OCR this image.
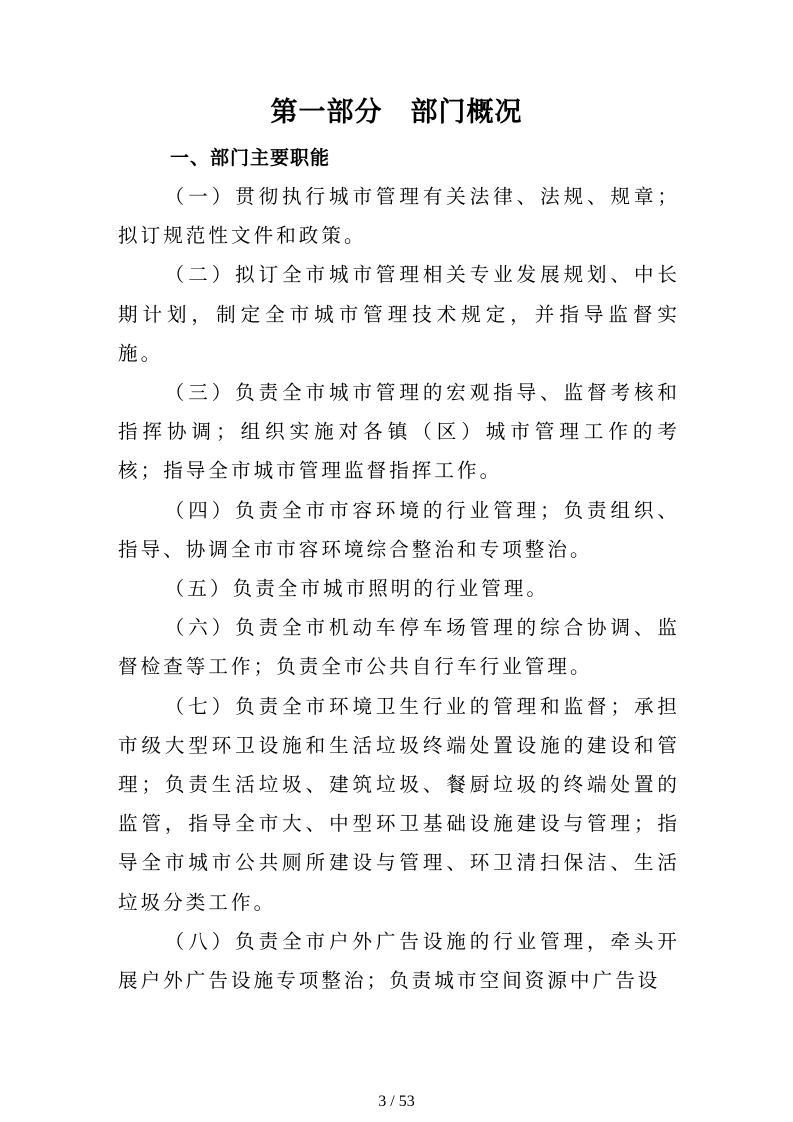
第一部分　部门概况
一、部门主要职能

（一）贯彻执行城市管理有关法律、法规、规章；拟订规范性文件和政策。

（二）拟订全市城市管理相关专业发展规划、中长期计划，制定全市城市管理技术规定，并指导监督实施。

（三）负责全市城市管理的宏观指导、监督考核和指挥协调；组织实施对各镇（区）城市管理工作的考核；指导全市城市管理监督指挥工作。

（四）负责全市市容环境的行业管理；负责组织、指导、协调全市市容环境综合整治和专项整治。

（五）负责全市城市照明的行业管理。

（六）负责全市机动车停车场管理的综合协调、监督检查等工作；负责全市公共自行车行业管理。

（七）负责全市环境卫生行业的管理和监督；承担市级大型环卫设施和生活垃圾终端处置设施的建设和管理；负责生活垃圾、建筑垃圾、餐厨垃圾的终端处置的监管，指导全市大、中型环卫基础设施建设与管理；指导全市城市公共厕所建设与管理、环卫清扫保洁、生活垃圾分类工作。

（八）负责全市户外广告设施的行业管理，牵头开展户外广告设施专项整治；负责城市空间资源中广告设

3 / 53
